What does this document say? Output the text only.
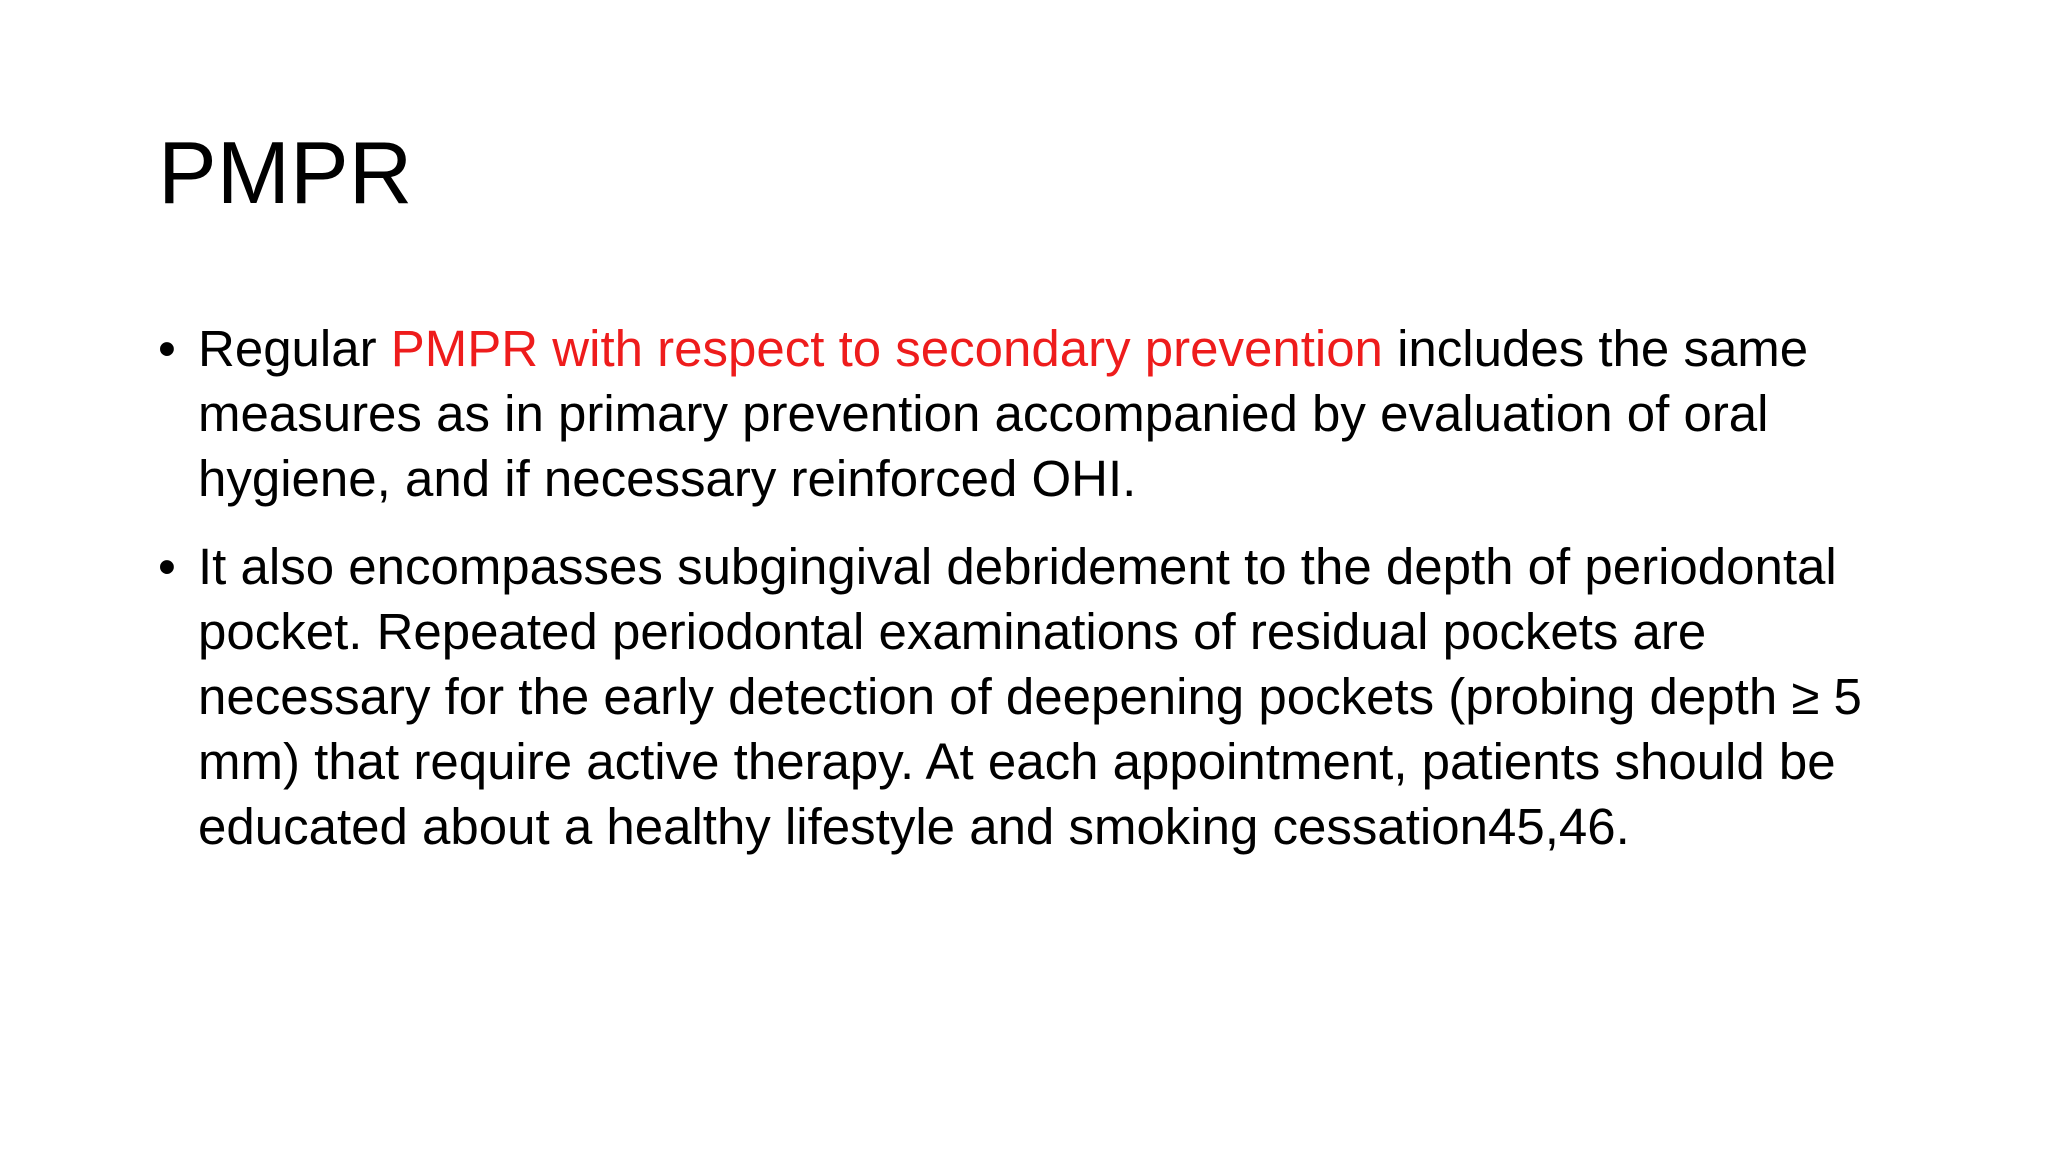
PMPR
• Regular PMPR with respect to secondary prevention includes the same measures as in primary prevention accompanied by evaluation of oral hygiene, and if necessary reinforced OHI.
• It also encompasses subgingival debridement to the depth of periodontal pocket. Repeated periodontal examinations of residual pockets are necessary for the early detection of deepening pockets (probing depth ≥ 5 mm) that require active therapy. At each appointment, patients should be educated about a healthy lifestyle and smoking cessation45,46.
